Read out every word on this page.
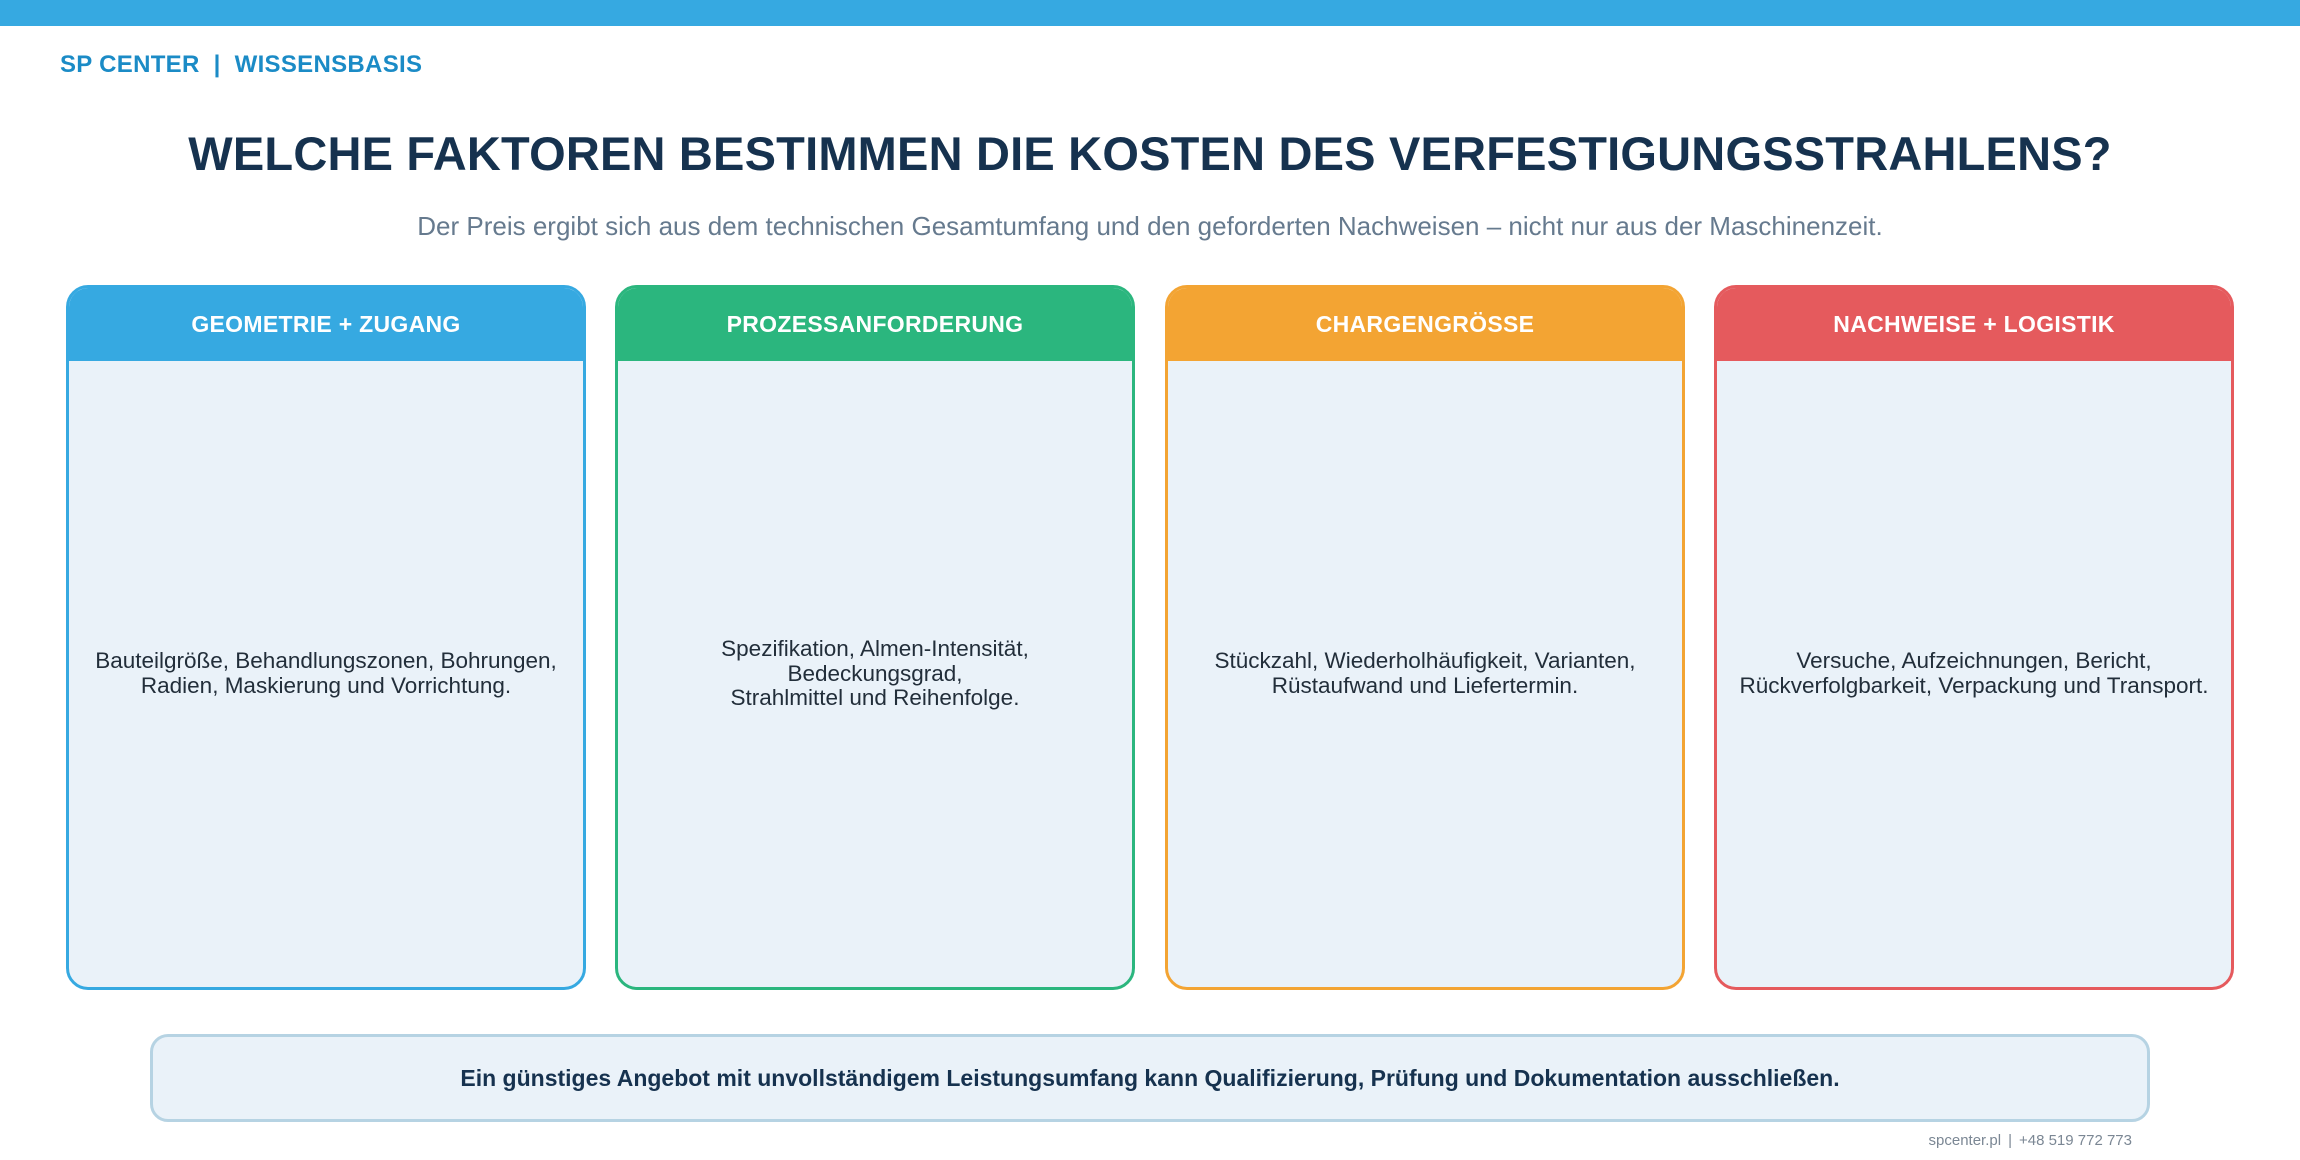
SP CENTER | WISSENSBASIS
WELCHE FAKTOREN BESTIMMEN DIE KOSTEN DES VERFESTIGUNGSSTRAHLENS?
Der Preis ergibt sich aus dem technischen Gesamtumfang und den geforderten Nachweisen – nicht nur aus der Maschinenzeit.
GEOMETRIE + ZUGANG
Bauteilgröße, Behandlungszonen, Bohrungen,
Radien, Maskierung und Vorrichtung.
PROZESSANFORDERUNG
Spezifikation, Almen-Intensität, Bedeckungsgrad,
Strahlmittel und Reihenfolge.
CHARGENGRÖSSE
Stückzahl, Wiederholhäufigkeit, Varianten,
Rüstaufwand und Liefertermin.
NACHWEISE + LOGISTIK
Versuche, Aufzeichnungen, Bericht,
Rückverfolgbarkeit, Verpackung und Transport.
Ein günstiges Angebot mit unvollständigem Leistungsumfang kann Qualifizierung, Prüfung und Dokumentation ausschließen.
spcenter.pl | +48 519 772 773
